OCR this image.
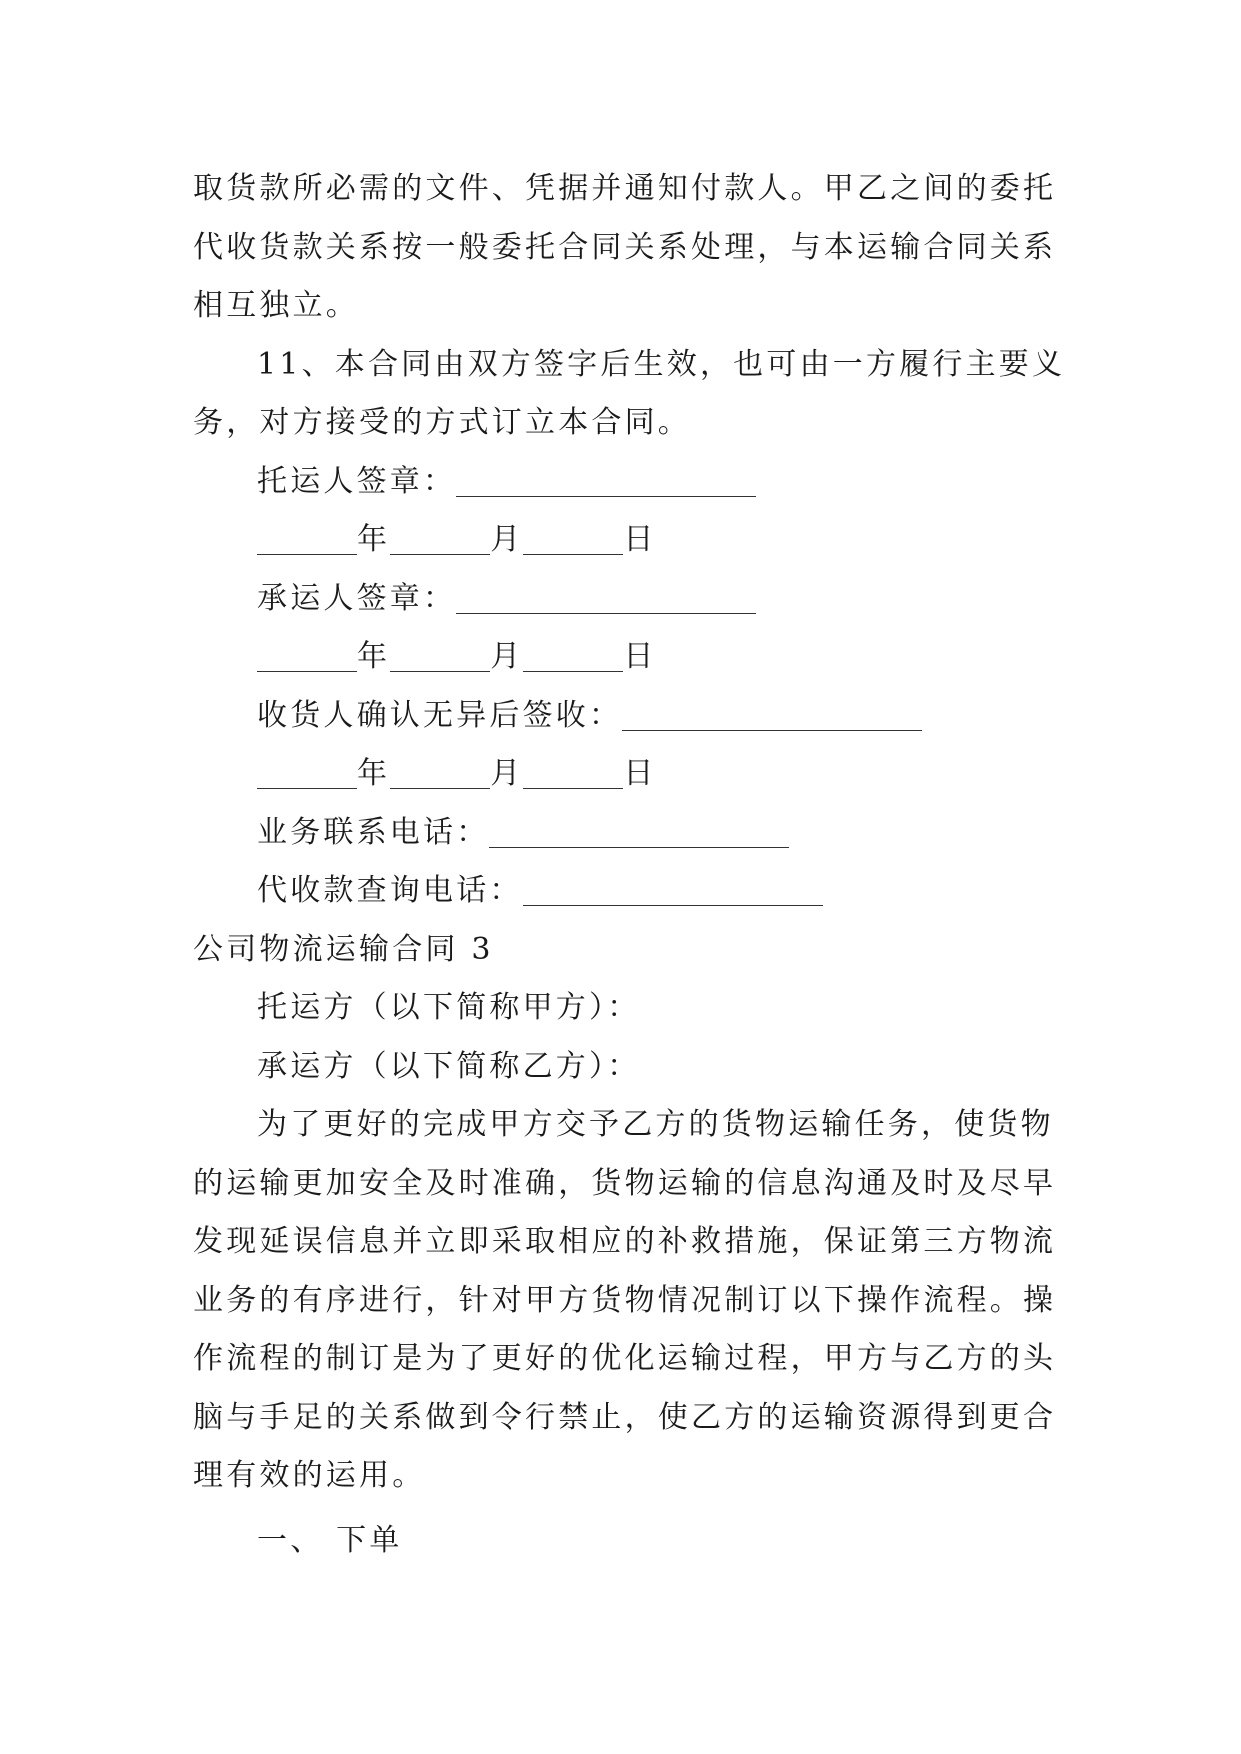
取货款所必需的文件、凭据并通知付款人。甲乙之间的委托

代收货款关系按一般委托合同关系处理，与本运输合同关系

相互独立。

11、本合同由双方签字后生效，也可由一方履行主要义

务，对方接受的方式订立本合同。

托运人签章：

年	月	日

承运人签章：

年	月	日

收货人确认无异后签收：

年	月	日

业务联系电话：

代收款查询电话：

公司物流运输合同 3

托运方（以下简称甲方）：

承运方（以下简称乙方）：

为了更好的完成甲方交予乙方的货物运输任务，使货物

的运输更加安全及时准确，货物运输的信息沟通及时及尽早

发现延误信息并立即采取相应的补救措施，保证第三方物流

业务的有序进行，针对甲方货物情况制订以下操作流程。操

作流程的制订是为了更好的优化运输过程，甲方与乙方的头

脑与手足的关系做到令行禁止，使乙方的运输资源得到更合

理有效的运用。

一、 下单
